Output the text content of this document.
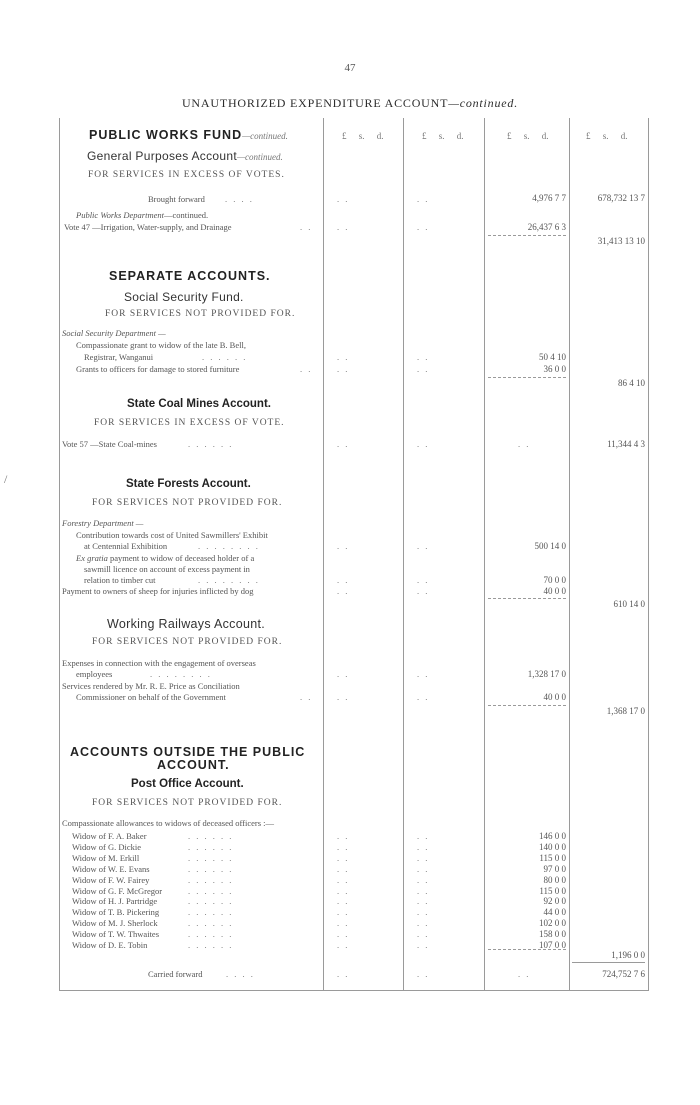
47
UNAUTHORIZED EXPENDITURE ACCOUNT—continued.
£ s. d.	£ s. d.	£ s. d.	£ s. d.
PUBLIC WORKS FUND—continued.
General Purposes Account—continued.
FOR SERVICES IN EXCESS OF VOTES.
Brought forward . . . .	. .	. .	4,976 7 7	678,732 13 7
Public Works Department—continued.
Vote 47 —Irrigation, Water-supply, and Drainage	. .	. .	. .	26,437 6 3
31,413 13 10
SEPARATE ACCOUNTS.
Social Security Fund.
FOR SERVICES NOT PROVIDED FOR.
Social Security Department —
Compassionate grant to widow of the late B. Bell,
Registrar, Wanganui	. . . . . .	. .	. .	50 4 10
Grants to officers for damage to stored furniture	. .	. .	. .	36 0 0
86 4 10
State Coal Mines Account.
FOR SERVICES IN EXCESS OF VOTE.
Vote 57 —State Coal-mines	. . . . . .	. .	. .	. .	11,344 4 3
State Forests Account.
FOR SERVICES NOT PROVIDED FOR.
Forestry Department —
Contribution towards cost of United Sawmillers' Exhibit
at Centennial Exhibition	. . . . . . . .	. .	. .	500 14 0
Ex gratia payment to widow of deceased holder of a
sawmill licence on account of excess payment in
relation to timber cut	. . . . . . . .	. .	. .	70 0 0
Payment to owners of sheep for injuries inflicted by dog	. .	. .	40 0 0
610 14 0
Working Railways Account.
FOR SERVICES NOT PROVIDED FOR.
Expenses in connection with the engagement of overseas
employees	. . . . . . . .	. .	. .	1,328 17 0
Services rendered by Mr. R. E. Price as Conciliation
Commissioner on behalf of the Government	. .	. .	. .	40 0 0
1,368 17 0
ACCOUNTS OUTSIDE THE PUBLIC
ACCOUNT.
Post Office Account.
FOR SERVICES NOT PROVIDED FOR.
Compassionate allowances to widows of deceased officers :—
Widow of F. A. Baker	. . . . . .	. .	. .	146 0 0
Widow of G. Dickie	. . . . . .	. .	. .	140 0 0
Widow of M. Erkill	. . . . . .	. .	. .	115 0 0
Widow of W. E. Evans	. . . . . .	. .	. .	97 0 0
Widow of F. W. Fairey	. . . . . .	. .	. .	80 0 0
Widow of G. F. McGregor	. . . . . .	. .	. .	115 0 0
Widow of H. J. Partridge	. . . . . .	. .	. .	92 0 0
Widow of T. B. Pickering	. . . . . .	. .	. .	44 0 0
Widow of M. J. Sherlock	. . . . . .	. .	. .	102 0 0
Widow of T. W. Thwaites	. . . . . .	. .	. .	158 0 0
Widow of D. E. Tobin	. . . . . .	. .	. .	107 0 0
1,196 0 0
Carried forward	. . . .	. .	. .	. .	724,752 7 6
/
